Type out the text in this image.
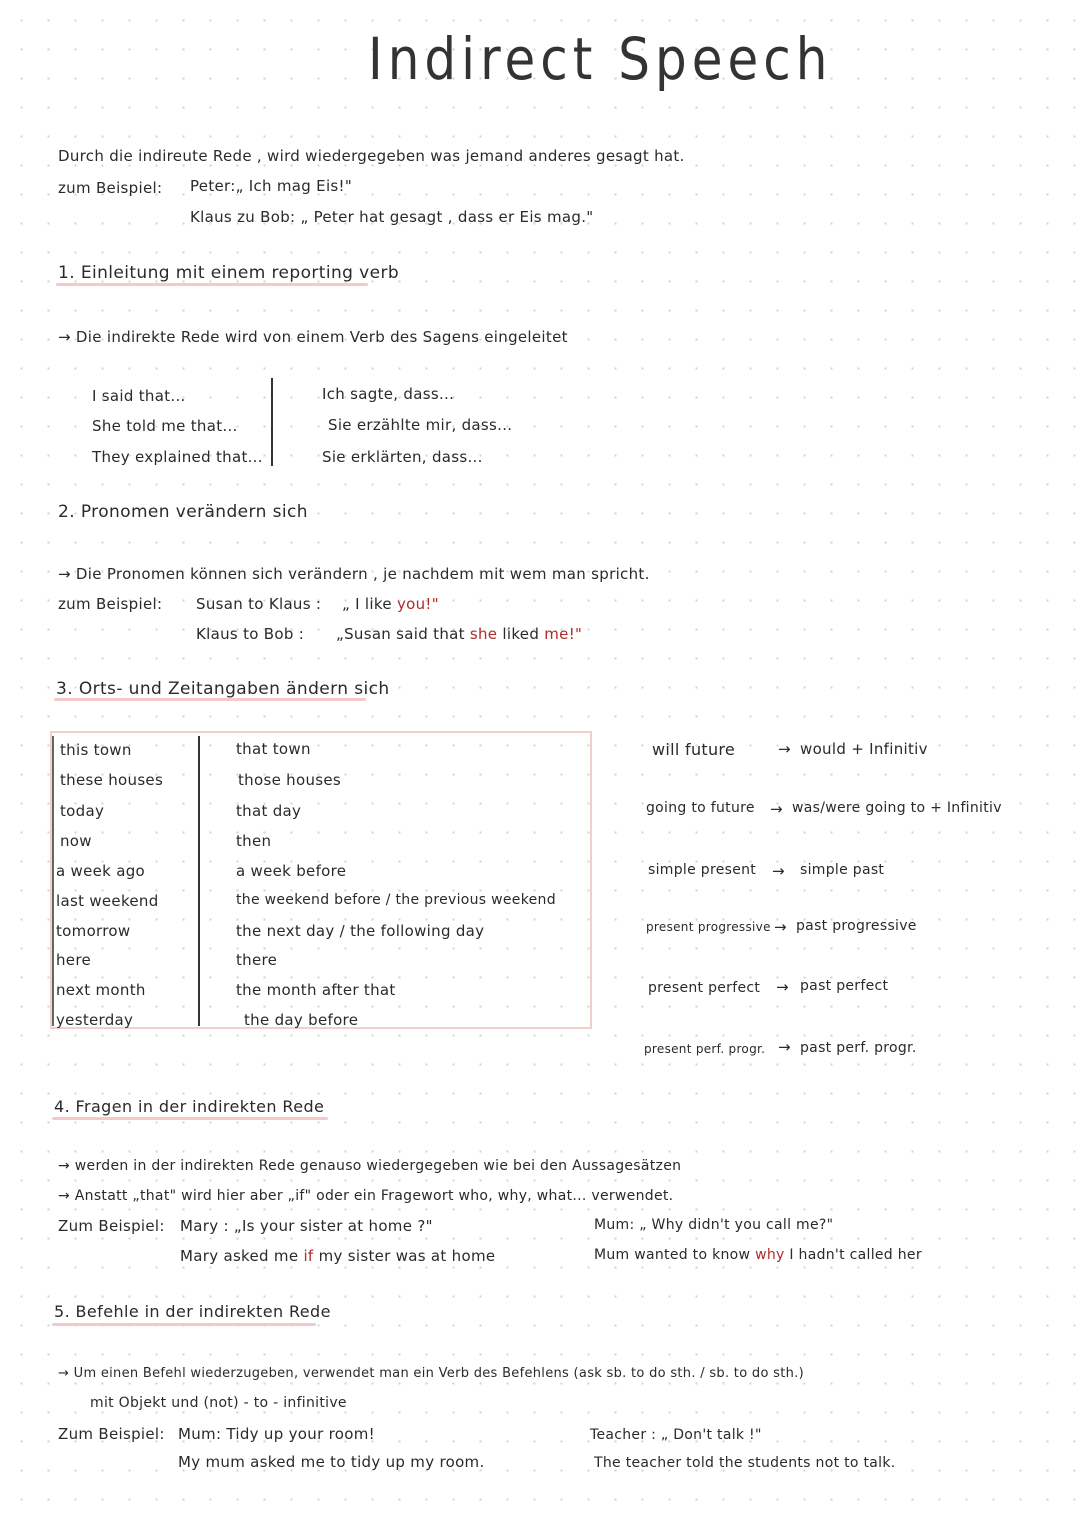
Indirect Speech
Durch die indireute Rede , wird wiedergegeben was jemand anderes gesagt hat.
zum Beispiel: Peter:„ Ich mag Eis!"
Klaus zu Bob: „ Peter hat gesagt , dass er Eis mag."
1. Einleitung mit einem reporting verb
→ Die indirekte Rede wird von einem Verb des Sagens eingeleitet
I said that...
She told me that...
They explained that...
Ich sagte, dass...
Sie erzählte mir, dass...
Sie erklärten, dass...
2. Pronomen verändern sich
→ Die Pronomen können sich verändern , je nachdem mit wem man spricht.
zum Beispiel: Susan to Klaus : „ I like you!"
Klaus to Bob : „Susan said that she liked me!"
3. Orts- und Zeitangaben ändern sich
this town
these houses
today
now
a week ago
last weekend
tomorrow
here
next month
yesterday
that town
those houses
that day
then
a week before
the weekend before / the previous weekend
the next day / the following day
there
the month after that
the day before
will future	→ would + Infinitiv
going to future → was/were going to + Infinitiv
simple present → simple past
present progressive → past progressive
present perfect → past perfect
present perf. progr. → past perf. progr.
4. Fragen in der indirekten Rede
→ werden in der indirekten Rede genauso wiedergegeben wie bei den Aussagesätzen
→ Anstatt „that" wird hier aber „if" oder ein Fragewort who, why, what... verwendet.
Zum Beispiel: Mary : „Is your sister at home ?"
Mary asked me if my sister was at home
Mum: „ Why didn't you call me?"
Mum wanted to know why I hadn't called her
5. Befehle in der indirekten Rede
→ Um einen Befehl wiederzugeben, verwendet man ein Verb des Befehlens (ask sb. to do sth. / sb. to do sth.)
mit Objekt und (not) - to - infinitive
Zum Beispiel: Mum: Tidy up your room!
My mum asked me to tidy up my room.
Teacher : „ Don't talk !"
The teacher told the students not to talk.
